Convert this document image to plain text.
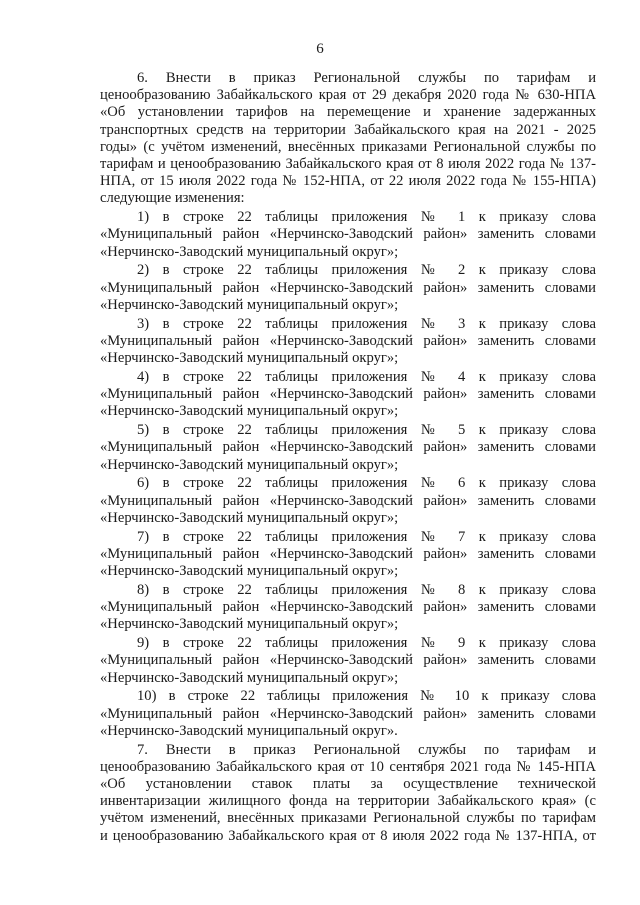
6
6. Внести в приказ Региональной службы по тарифам и
ценообразованию Забайкальского края от 29 декабря 2020 года № 630-НПА
«Об установлении тарифов на перемещение и хранение задержанных
транспортных средств на территории Забайкальского края на 2021 - 2025
годы» (с учётом изменений, внесённых приказами Региональной службы по
тарифам и ценообразованию Забайкальского края от 8 июля 2022 года № 137-
НПА, от 15 июля 2022 года № 152-НПА, от 22 июля 2022 года № 155-НПА)
следующие изменения:
1) в строке 22 таблицы приложения № 1 к приказу слова
«Муниципальный район «Нерчинско-Заводский район» заменить словами
«Нерчинско-Заводский муниципальный округ»;
2) в строке 22 таблицы приложения № 2 к приказу слова
«Муниципальный район «Нерчинско-Заводский район» заменить словами
«Нерчинско-Заводский муниципальный округ»;
3) в строке 22 таблицы приложения № 3 к приказу слова
«Муниципальный район «Нерчинско-Заводский район» заменить словами
«Нерчинско-Заводский муниципальный округ»;
4) в строке 22 таблицы приложения № 4 к приказу слова
«Муниципальный район «Нерчинско-Заводский район» заменить словами
«Нерчинско-Заводский муниципальный округ»;
5) в строке 22 таблицы приложения № 5 к приказу слова
«Муниципальный район «Нерчинско-Заводский район» заменить словами
«Нерчинско-Заводский муниципальный округ»;
6) в строке 22 таблицы приложения № 6 к приказу слова
«Муниципальный район «Нерчинско-Заводский район» заменить словами
«Нерчинско-Заводский муниципальный округ»;
7) в строке 22 таблицы приложения № 7 к приказу слова
«Муниципальный район «Нерчинско-Заводский район» заменить словами
«Нерчинско-Заводский муниципальный округ»;
8) в строке 22 таблицы приложения № 8 к приказу слова
«Муниципальный район «Нерчинско-Заводский район» заменить словами
«Нерчинско-Заводский муниципальный округ»;
9) в строке 22 таблицы приложения № 9 к приказу слова
«Муниципальный район «Нерчинско-Заводский район» заменить словами
«Нерчинско-Заводский муниципальный округ»;
10) в строке 22 таблицы приложения № 10 к приказу слова
«Муниципальный район «Нерчинско-Заводский район» заменить словами
«Нерчинско-Заводский муниципальный округ».
7. Внести в приказ Региональной службы по тарифам и
ценообразованию Забайкальского края от 10 сентября 2021 года № 145-НПА
«Об установлении ставок платы за осуществление технической
инвентаризации жилищного фонда на территории Забайкальского края» (с
учётом изменений, внесённых приказами Региональной службы по тарифам
и ценообразованию Забайкальского края от 8 июля 2022 года № 137-НПА, от
